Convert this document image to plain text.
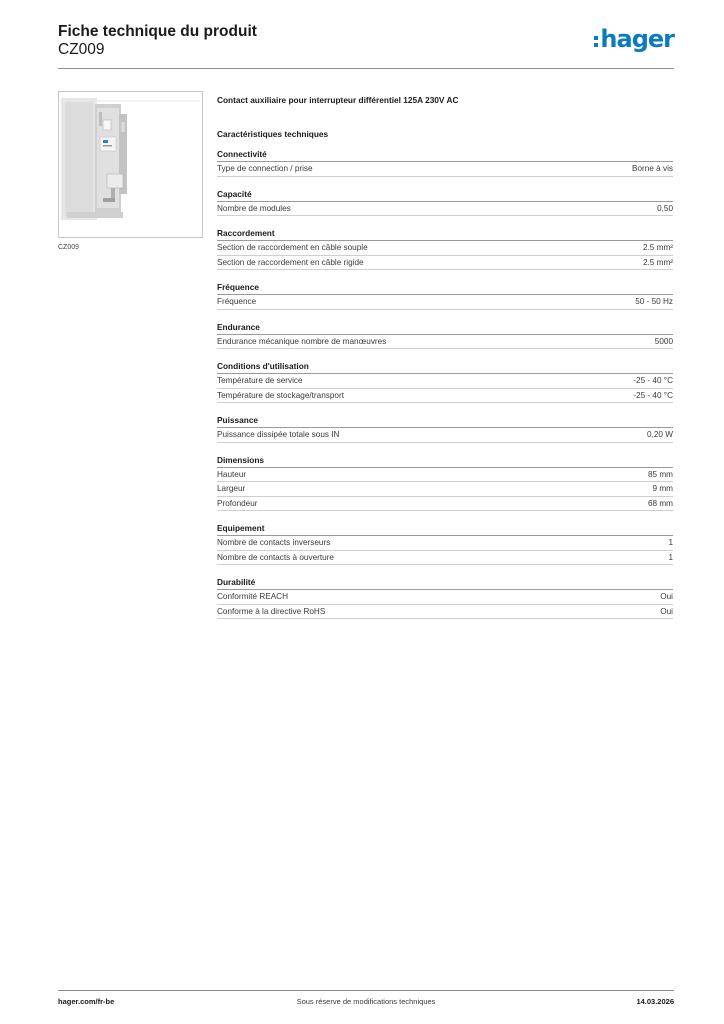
Fiche technique du produit
CZ009	hager
CZ009
Contact auxiliaire pour interrupteur différentiel 125A 230V AC
Caractéristiques techniques
Connectivité
Type de connection / prise	Borne à vis
Capacité
Nombre de modules	0,50
Raccordement
Section de raccordement en câble souple	2.5 mm²
Section de raccordement en câble rigide	2.5 mm²
Fréquence
Fréquence	50 - 50 Hz
Endurance
Endurance mécanique nombre de manœuvres	5000
Conditions d'utilisation
Température de service	-25 - 40 °C
Température de stockage/transport	-25 - 40 °C
Puissance
Puissance dissipée totale sous IN	0,20 W
Dimensions
Hauteur	85 mm
Largeur	9 mm
Profondeur	68 mm
Equipement
Nombre de contacts inverseurs	1
Nombre de contacts à ouverture	1
Durabilité
Conformité REACH	Oui
Conforme à la directive RoHS	Oui
hager.com/fr-be	Sous réserve de modifications techniques	14.03.2026
